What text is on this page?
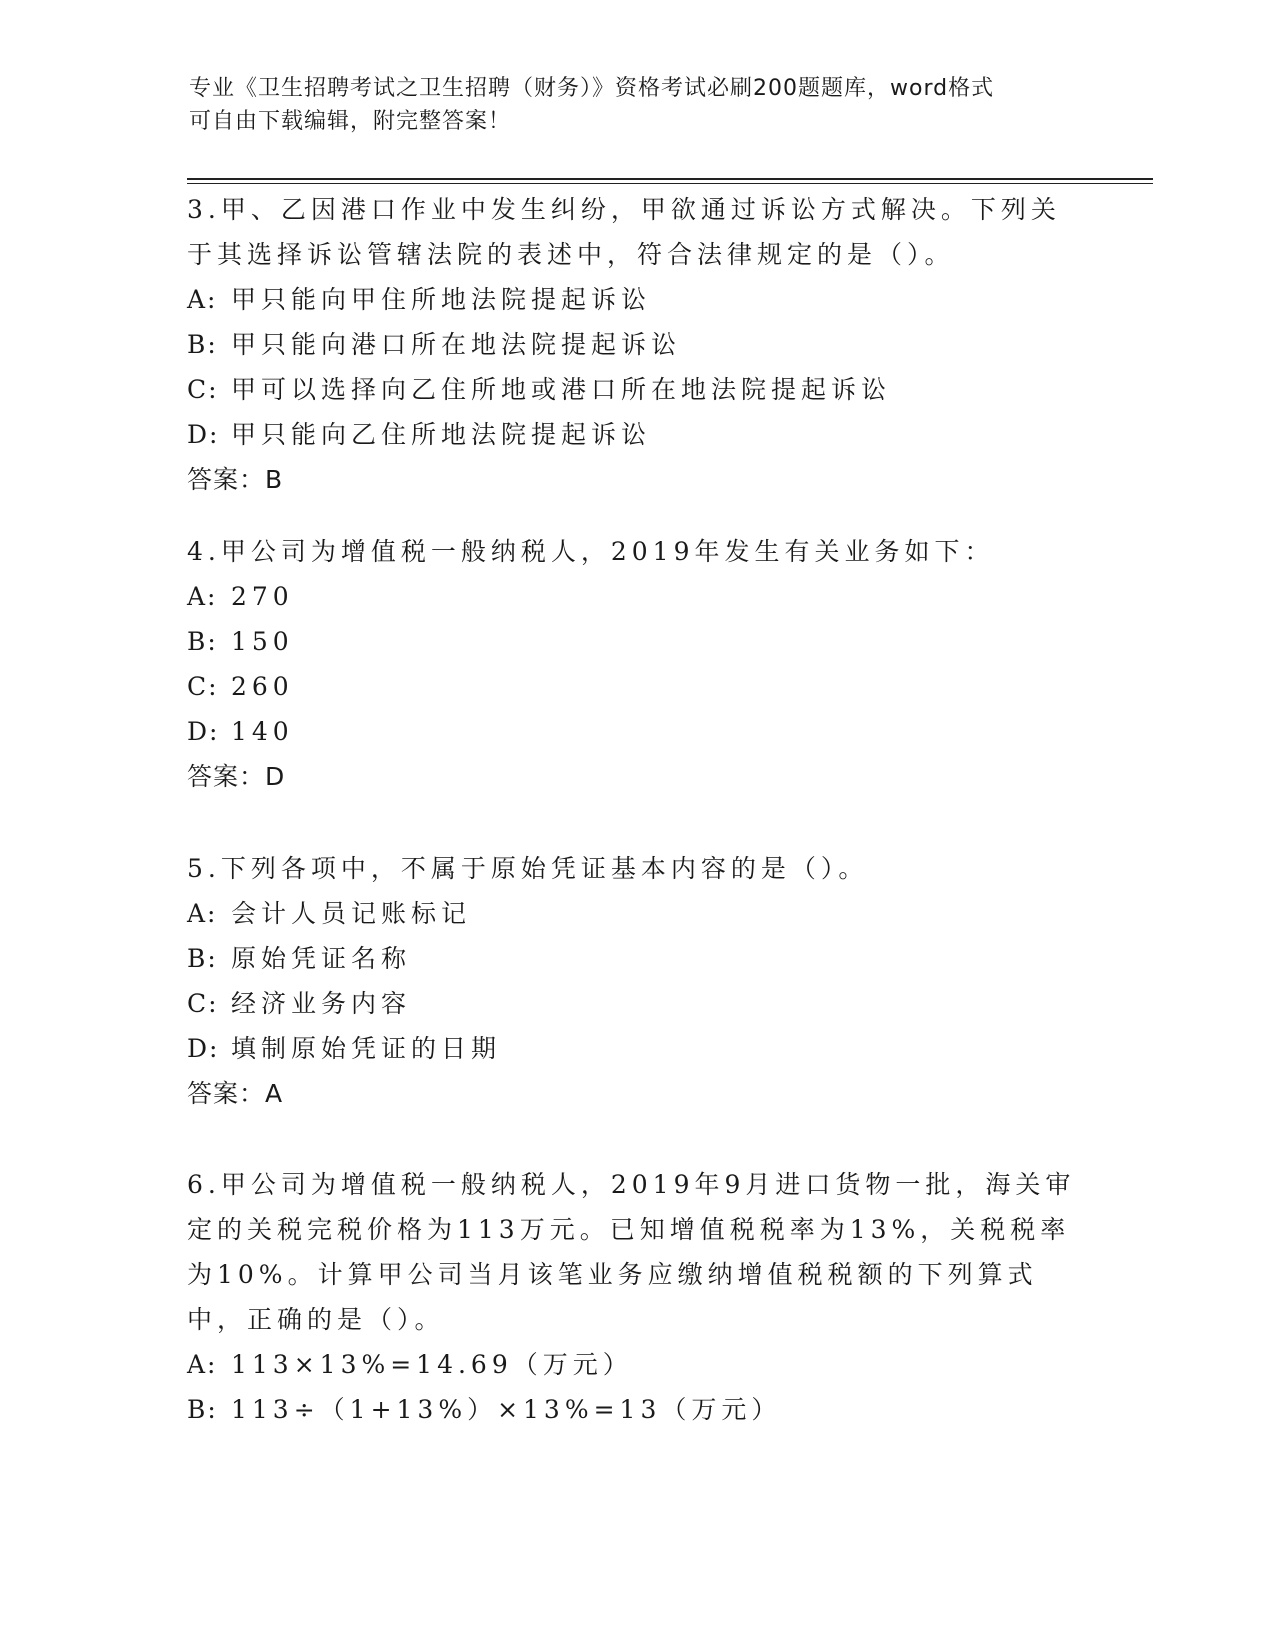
专业《卫生招聘考试之卫生招聘（财务）》资格考试必刷200题题库，word格式
可自由下载编辑，附完整答案！
3.甲、乙因港口作业中发生纠纷，甲欲通过诉讼方式解决。下列关于其选择诉讼管辖法院的表述中，符合法律规定的是（）。
A: 甲只能向甲住所地法院提起诉讼
B: 甲只能向港口所在地法院提起诉讼
C: 甲可以选择向乙住所地或港口所在地法院提起诉讼
D: 甲只能向乙住所地法院提起诉讼
答案：B
4.甲公司为增值税一般纳税人，2019年发生有关业务如下：
A: 270
B: 150
C: 260
D: 140
答案：D
5.下列各项中，不属于原始凭证基本内容的是（）。
A: 会计人员记账标记
B: 原始凭证名称
C: 经济业务内容
D: 填制原始凭证的日期
答案：A
6.甲公司为增值税一般纳税人，2019年9月进口货物一批，海关审定的关税完税价格为113万元。已知增值税税率为13%，关税税率为10%。计算甲公司当月该笔业务应缴纳增值税税额的下列算式中，正确的是（）。
A: 113×13%=14.69（万元）
B: 113÷（1+13%）×13%=13（万元）
